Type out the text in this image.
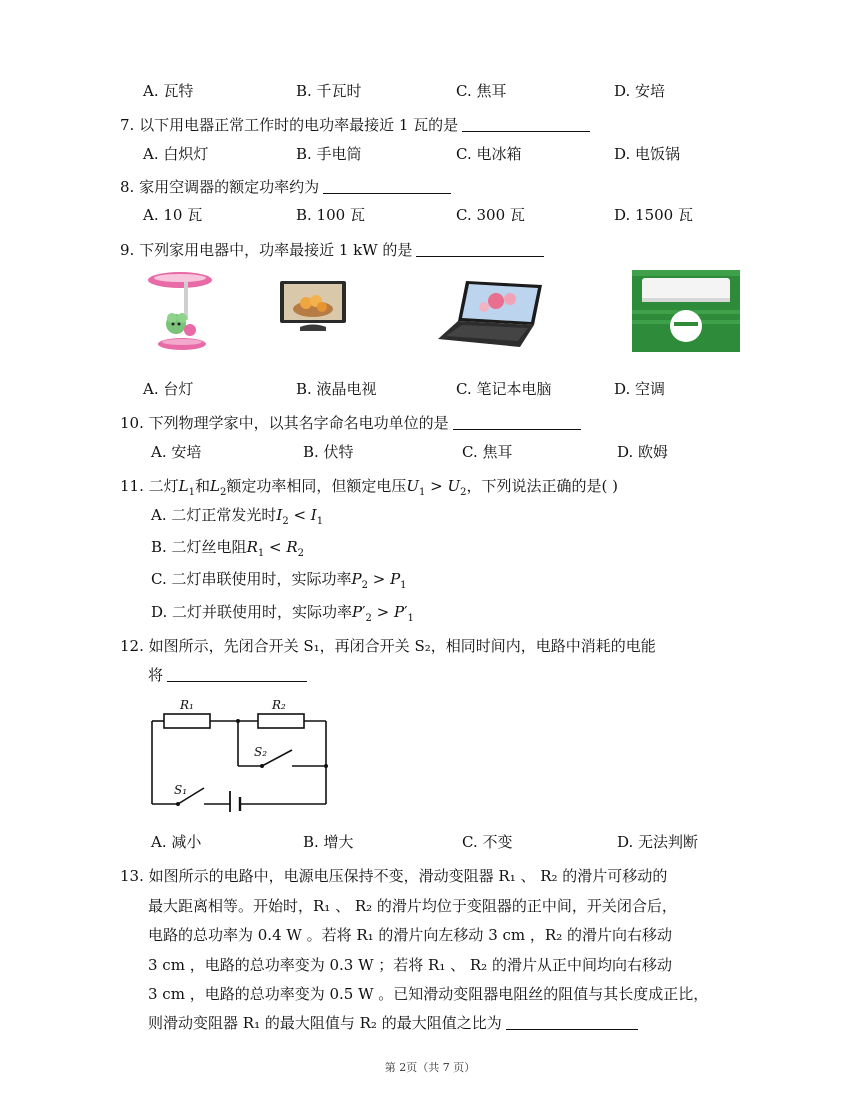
A. 瓦特	B. 千瓦时	C. 焦耳	D. 安培
7. 以下用电器正常工作时的电功率最接近 1 瓦的是
A. 白炽灯	B. 手电筒	C. 电冰箱	D. 电饭锅
8. 家用空调器的额定功率约为
A. 10 瓦	B. 100 瓦	C. 300 瓦	D. 1500 瓦
9. 下列家用电器中，功率最接近 1 kW 的是
A. 台灯	B. 液晶电视	C. 笔记本电脑	D. 空调
10. 下列物理学家中，以其名字命名电功单位的是
A. 安培	B. 伏特	C. 焦耳	D. 欧姆
11. 二灯$L_1$和$L_2$额定功率相同，但额定电压$U_1 > U_2$，下列说法正确的是( )
A. 二灯正常发光时$I_2 < I_1$
B. 二灯丝电阻$R_1 < R_2$
C. 二灯串联使用时，实际功率$P_2 > P_1$
D. 二灯并联使用时，实际功率$P'_2 > P'_1$
12. 如图所示，先闭合开关 S₁，再闭合开关 S₂，相同时间内，电路中消耗的电能
将
R₁	R₂
S₂
S₁
A. 减小	B. 增大	C. 不变	D. 无法判断
13. 如图所示的电路中，电源电压保持不变，滑动变阻器 R₁ 、 R₂ 的滑片可移动的
最大距离相等。开始时，R₁ 、 R₂ 的滑片均位于变阻器的正中间，开关闭合后，
电路的总功率为 0.4 W 。若将 R₁ 的滑片向左移动 3 cm ，R₂ 的滑片向右移动
3 cm ，电路的总功率变为 0.3 W ；若将 R₁ 、 R₂ 的滑片从正中间均向右移动
3 cm ，电路的总功率变为 0.5 W 。已知滑动变阻器电阻丝的阻值与其长度成正比，
则滑动变阻器 R₁ 的最大阻值与 R₂ 的最大阻值之比为
第 2页（共 7 页）
